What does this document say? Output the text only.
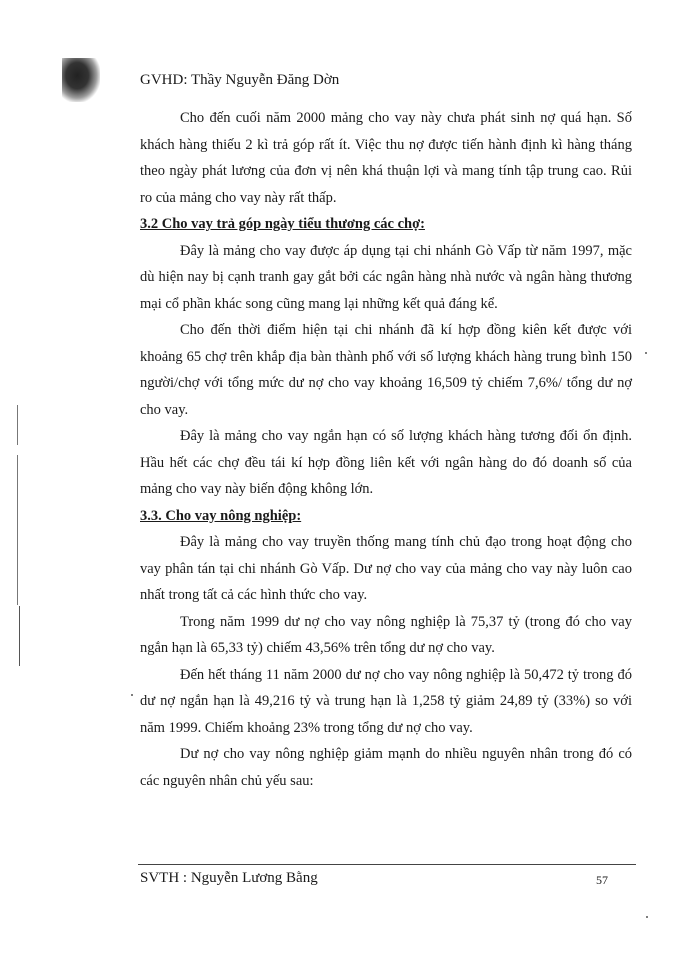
GVHD: Thầy Nguyễn Đăng Dờn

Cho đến cuối năm 2000 mảng cho vay này chưa phát sinh nợ quá hạn. Số khách hàng thiếu 2 kì trả góp rất ít. Việc thu nợ được tiến hành định kì hàng tháng theo ngày phát lương của đơn vị nên khá thuận lợi và mang tính tập trung cao. Rủi ro của mảng cho vay này rất thấp.

3.2 Cho vay trả góp ngày tiểu thương các chợ:

Đây là mảng cho vay được áp dụng tại chi nhánh Gò Vấp từ năm 1997, mặc dù hiện nay bị cạnh tranh gay gắt bởi các ngân hàng nhà nước và ngân hàng thương mại cổ phần khác song cũng mang lại những kết quả đáng kể.

Cho đến thời điểm hiện tại chi nhánh đã kí hợp đồng kiên kết được với khoảng 65 chợ trên khắp địa bàn thành phố với số lượng khách hàng trung bình 150 người/chợ với tổng mức dư nợ cho vay khoảng 16,509 tỷ chiếm 7,6%/ tổng dư nợ cho vay.

Đây là mảng cho vay ngắn hạn có số lượng khách hàng tương đối ổn định. Hầu hết các chợ đều tái kí hợp đồng liên kết với ngân hàng do đó doanh số của mảng cho vay này biến động không lớn.

3.3. Cho vay nông nghiệp:

Đây là mảng cho vay truyền thống mang tính chủ đạo trong hoạt động cho vay phân tán tại chi nhánh Gò Vấp. Dư nợ cho vay của mảng cho vay này luôn cao nhất trong tất cả các hình thức cho vay.

Trong năm 1999 dư nợ cho vay nông nghiệp là 75,37 tỷ (trong đó cho vay ngắn hạn là 65,33 tỷ) chiếm 43,56% trên tổng dư nợ cho vay.

Đến hết tháng 11 năm 2000 dư nợ cho vay nông nghiệp là 50,472 tỷ trong đó dư nợ ngắn hạn là 49,216 tỷ và trung hạn là 1,258 tỷ giảm 24,89 tỷ (33%) so với năm 1999. Chiếm khoảng 23% trong tổng dư nợ cho vay.

Dư nợ cho vay nông nghiệp giảm mạnh do nhiều nguyên nhân trong đó có các nguyên nhân chủ yếu sau:

SVTH : Nguyễn Lương Bằng	57
